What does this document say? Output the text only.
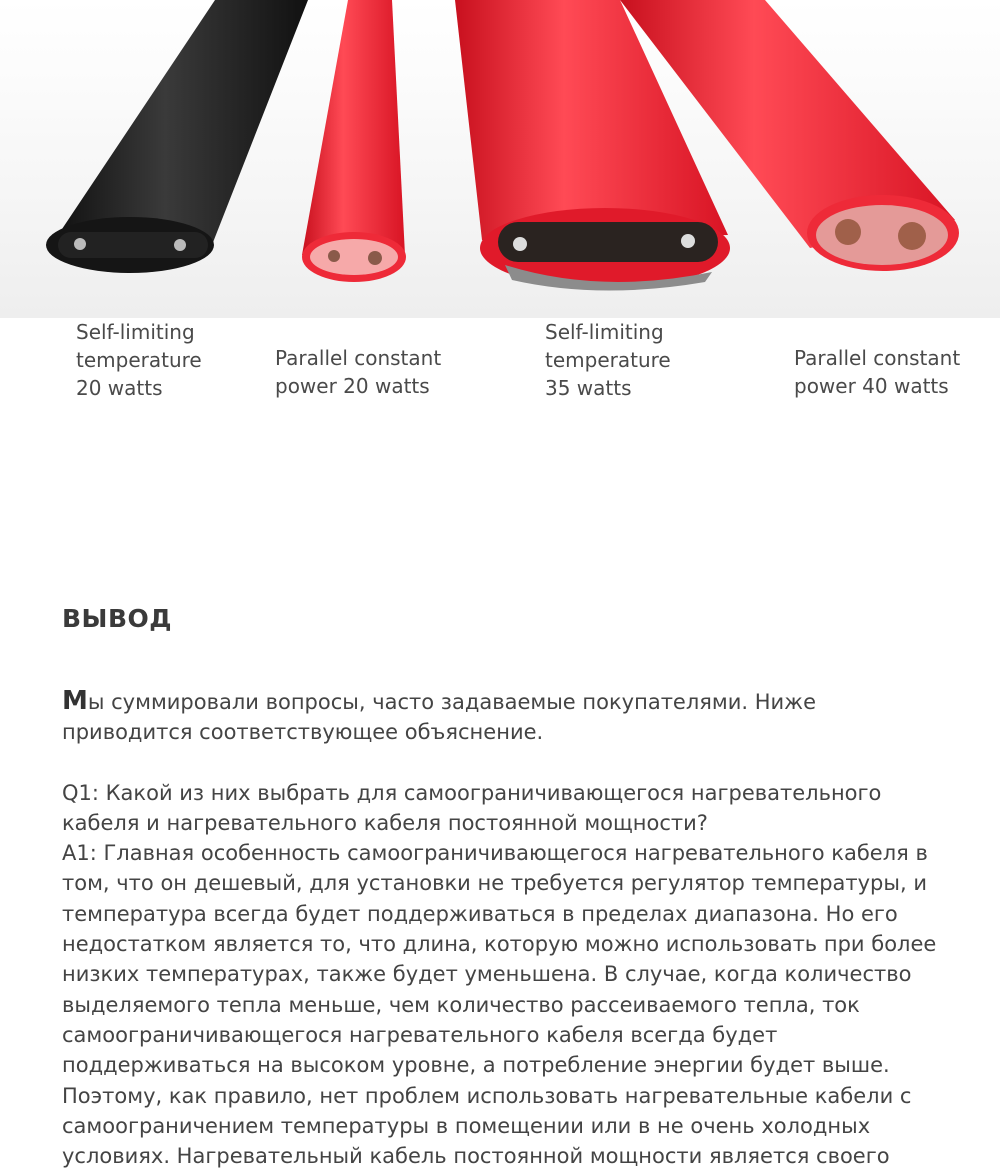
Self-limiting
temperature
20 watts
Parallel constant
power 20 watts
Self-limiting
temperature
35 watts
Parallel constant
power 40 watts
ВЫВОД

Мы суммировали вопросы, часто задаваемые покупателями. Ниже приводится соответствующее объяснение.

Q1: Какой из них выбрать для самоограничивающегося нагревательного кабеля и нагревательного кабеля постоянной мощности?

A1: Главная особенность самоограничивающегося нагревательного кабеля в том, что он дешевый, для установки не требуется регулятор температуры, и температура всегда будет поддерживаться в пределах диапазона. Но его недостатком является то, что длина, которую можно использовать при более низких температурах, также будет уменьшена. В случае, когда количество выделяемого тепла меньше, чем количество рассеиваемого тепла, ток самоограничивающегося нагревательного кабеля всегда будет поддерживаться на высоком уровне, а потребление энергии будет выше. Поэтому, как правило, нет проблем использовать нагревательные кабели с самоограничением температуры в помещении или в не очень холодных условиях. Нагревательный кабель постоянной мощности является своего
